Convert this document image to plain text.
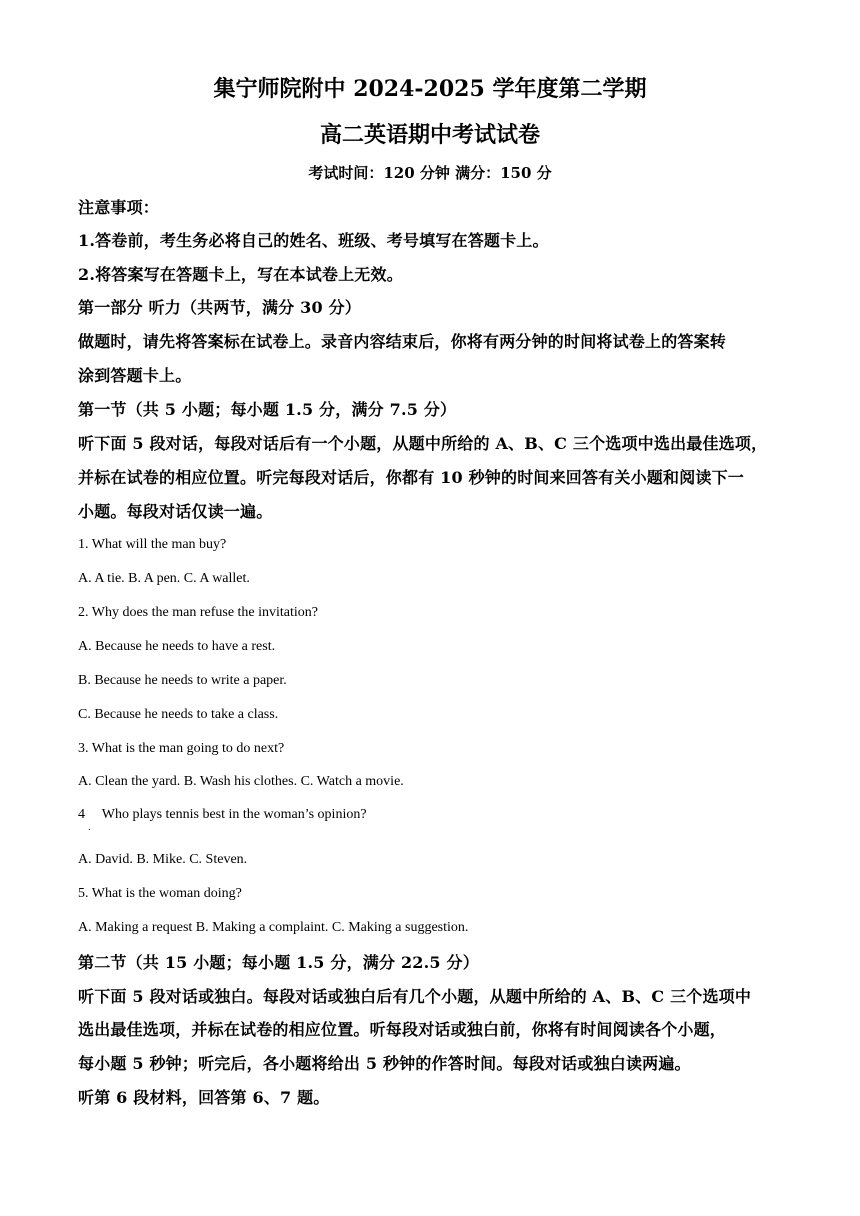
集宁师院附中 2024-2025 学年度第二学期
高二英语期中考试试卷
考试时间：120 分钟 满分：150 分
注意事项：
1.答卷前，考生务必将自己的姓名、班级、考号填写在答题卡上。
2.将答案写在答题卡上，写在本试卷上无效。
第一部分 听力（共两节，满分 30 分）
做题时，请先将答案标在试卷上。录音内容结束后，你将有两分钟的时间将试卷上的答案转
涂到答题卡上。
第一节（共 5 小题；每小题 1.5 分，满分 7.5 分）
听下面 5 段对话，每段对话后有一个小题，从题中所给的 A、B、C 三个选项中选出最佳选项，
并标在试卷的相应位置。听完每段对话后，你都有 10 秒钟的时间来回答有关小题和阅读下一
小题。每段对话仅读一遍。
1. What will the man buy?
A. A tie. B. A pen. C. A wallet.
2. Why does the man refuse the invitation?
A. Because he needs to have a rest.
B. Because he needs to write a paper.
C. Because he needs to take a class.
3. What is the man going to do next?
A. Clean the yard. B. Wash his clothes. C. Watch a movie.
4 Who plays tennis best in the woman’s opinion?
.
A. David. B. Mike. C. Steven.
5. What is the woman doing?
A. Making a request B. Making a complaint. C. Making a suggestion.
第二节（共 15 小题；每小题 1.5 分，满分 22.5 分）
听下面 5 段对话或独白。每段对话或独白后有几个小题，从题中所给的 A、B、C 三个选项中
选出最佳选项，并标在试卷的相应位置。听每段对话或独白前，你将有时间阅读各个小题，
每小题 5 秒钟；听完后，各小题将给出 5 秒钟的作答时间。每段对话或独白读两遍。
听第 6 段材料，回答第 6、7 题。
